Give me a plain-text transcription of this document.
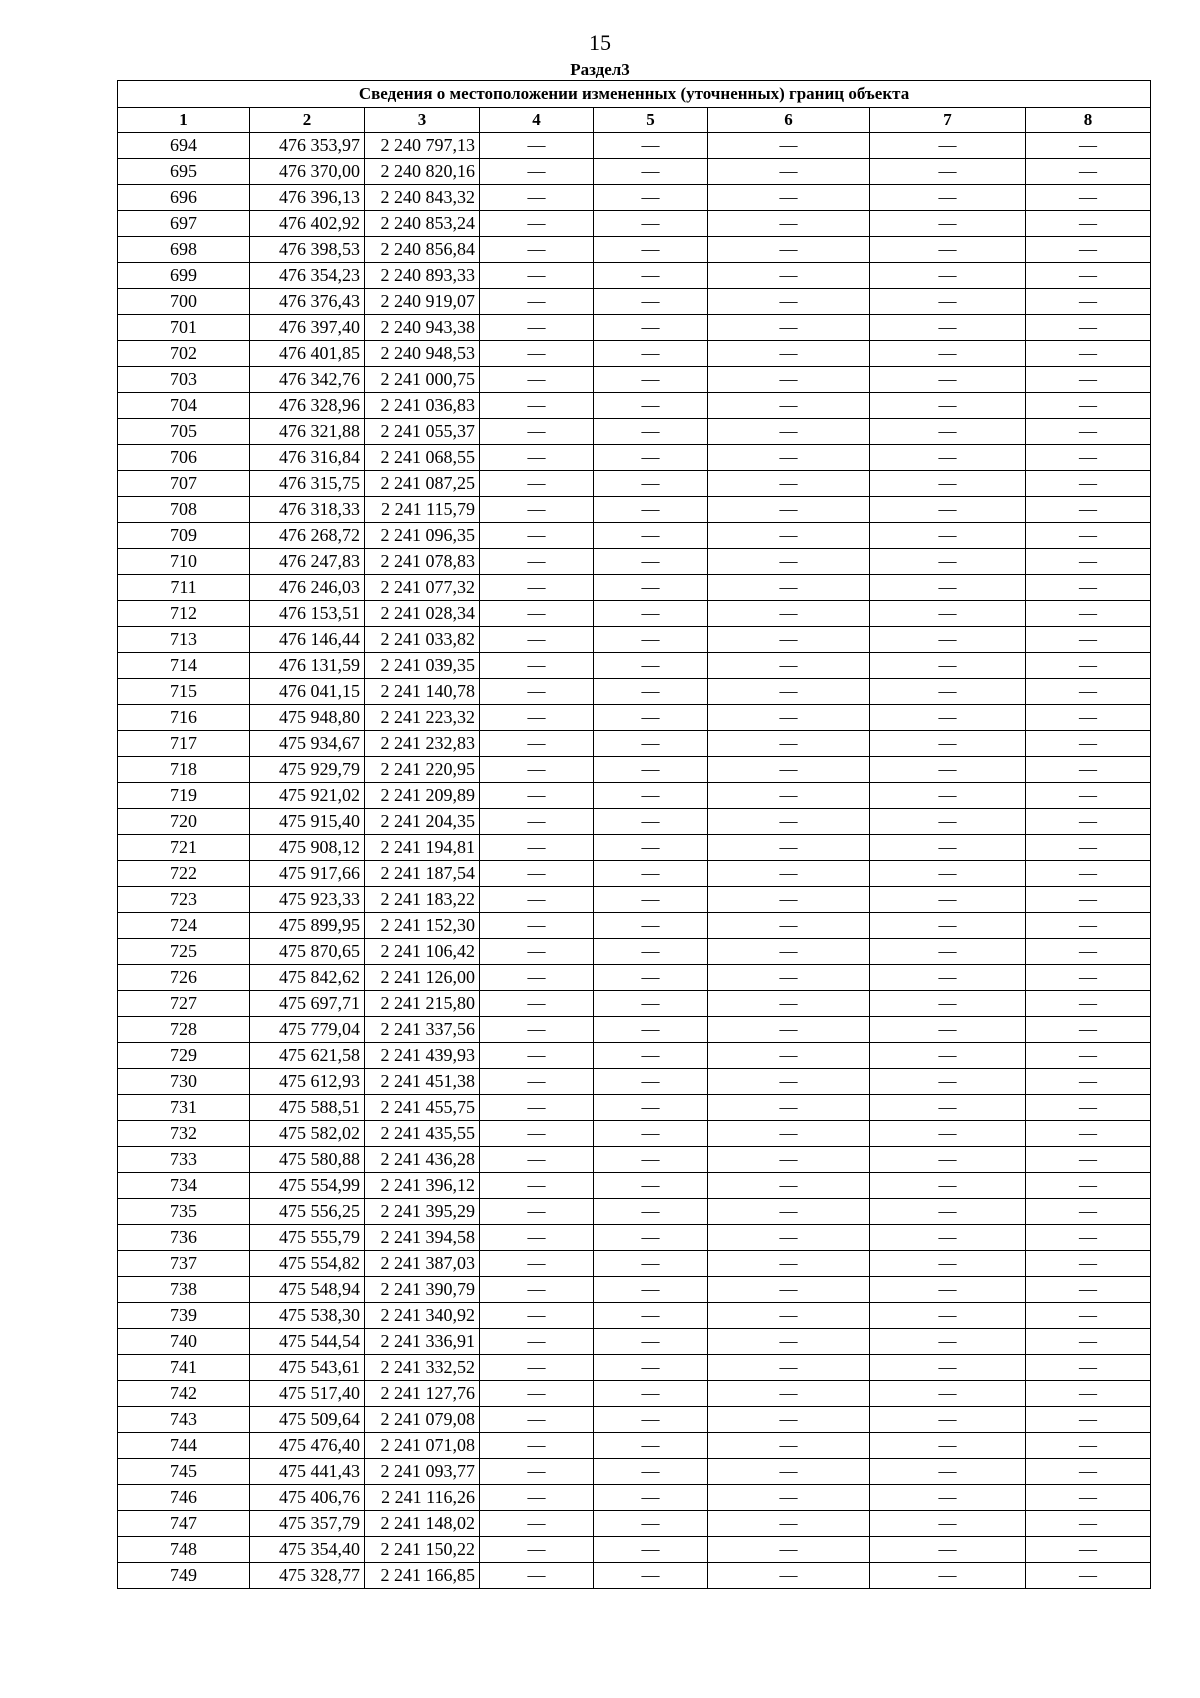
15
Раздел3
Сведения о местоположении измененных (уточненных) границ объекта							
1	2	3	4	5	6	7	8
694	476 353,97	2 240 797,13	—	—	—	—	—
695	476 370,00	2 240 820,16	—	—	—	—	—
696	476 396,13	2 240 843,32	—	—	—	—	—
697	476 402,92	2 240 853,24	—	—	—	—	—
698	476 398,53	2 240 856,84	—	—	—	—	—
699	476 354,23	2 240 893,33	—	—	—	—	—
700	476 376,43	2 240 919,07	—	—	—	—	—
701	476 397,40	2 240 943,38	—	—	—	—	—
702	476 401,85	2 240 948,53	—	—	—	—	—
703	476 342,76	2 241 000,75	—	—	—	—	—
704	476 328,96	2 241 036,83	—	—	—	—	—
705	476 321,88	2 241 055,37	—	—	—	—	—
706	476 316,84	2 241 068,55	—	—	—	—	—
707	476 315,75	2 241 087,25	—	—	—	—	—
708	476 318,33	2 241 115,79	—	—	—	—	—
709	476 268,72	2 241 096,35	—	—	—	—	—
710	476 247,83	2 241 078,83	—	—	—	—	—
711	476 246,03	2 241 077,32	—	—	—	—	—
712	476 153,51	2 241 028,34	—	—	—	—	—
713	476 146,44	2 241 033,82	—	—	—	—	—
714	476 131,59	2 241 039,35	—	—	—	—	—
715	476 041,15	2 241 140,78	—	—	—	—	—
716	475 948,80	2 241 223,32	—	—	—	—	—
717	475 934,67	2 241 232,83	—	—	—	—	—
718	475 929,79	2 241 220,95	—	—	—	—	—
719	475 921,02	2 241 209,89	—	—	—	—	—
720	475 915,40	2 241 204,35	—	—	—	—	—
721	475 908,12	2 241 194,81	—	—	—	—	—
722	475 917,66	2 241 187,54	—	—	—	—	—
723	475 923,33	2 241 183,22	—	—	—	—	—
724	475 899,95	2 241 152,30	—	—	—	—	—
725	475 870,65	2 241 106,42	—	—	—	—	—
726	475 842,62	2 241 126,00	—	—	—	—	—
727	475 697,71	2 241 215,80	—	—	—	—	—
728	475 779,04	2 241 337,56	—	—	—	—	—
729	475 621,58	2 241 439,93	—	—	—	—	—
730	475 612,93	2 241 451,38	—	—	—	—	—
731	475 588,51	2 241 455,75	—	—	—	—	—
732	475 582,02	2 241 435,55	—	—	—	—	—
733	475 580,88	2 241 436,28	—	—	—	—	—
734	475 554,99	2 241 396,12	—	—	—	—	—
735	475 556,25	2 241 395,29	—	—	—	—	—
736	475 555,79	2 241 394,58	—	—	—	—	—
737	475 554,82	2 241 387,03	—	—	—	—	—
738	475 548,94	2 241 390,79	—	—	—	—	—
739	475 538,30	2 241 340,92	—	—	—	—	—
740	475 544,54	2 241 336,91	—	—	—	—	—
741	475 543,61	2 241 332,52	—	—	—	—	—
742	475 517,40	2 241 127,76	—	—	—	—	—
743	475 509,64	2 241 079,08	—	—	—	—	—
744	475 476,40	2 241 071,08	—	—	—	—	—
745	475 441,43	2 241 093,77	—	—	—	—	—
746	475 406,76	2 241 116,26	—	—	—	—	—
747	475 357,79	2 241 148,02	—	—	—	—	—
748	475 354,40	2 241 150,22	—	—	—	—	—
749	475 328,77	2 241 166,85	—	—	—	—	—
